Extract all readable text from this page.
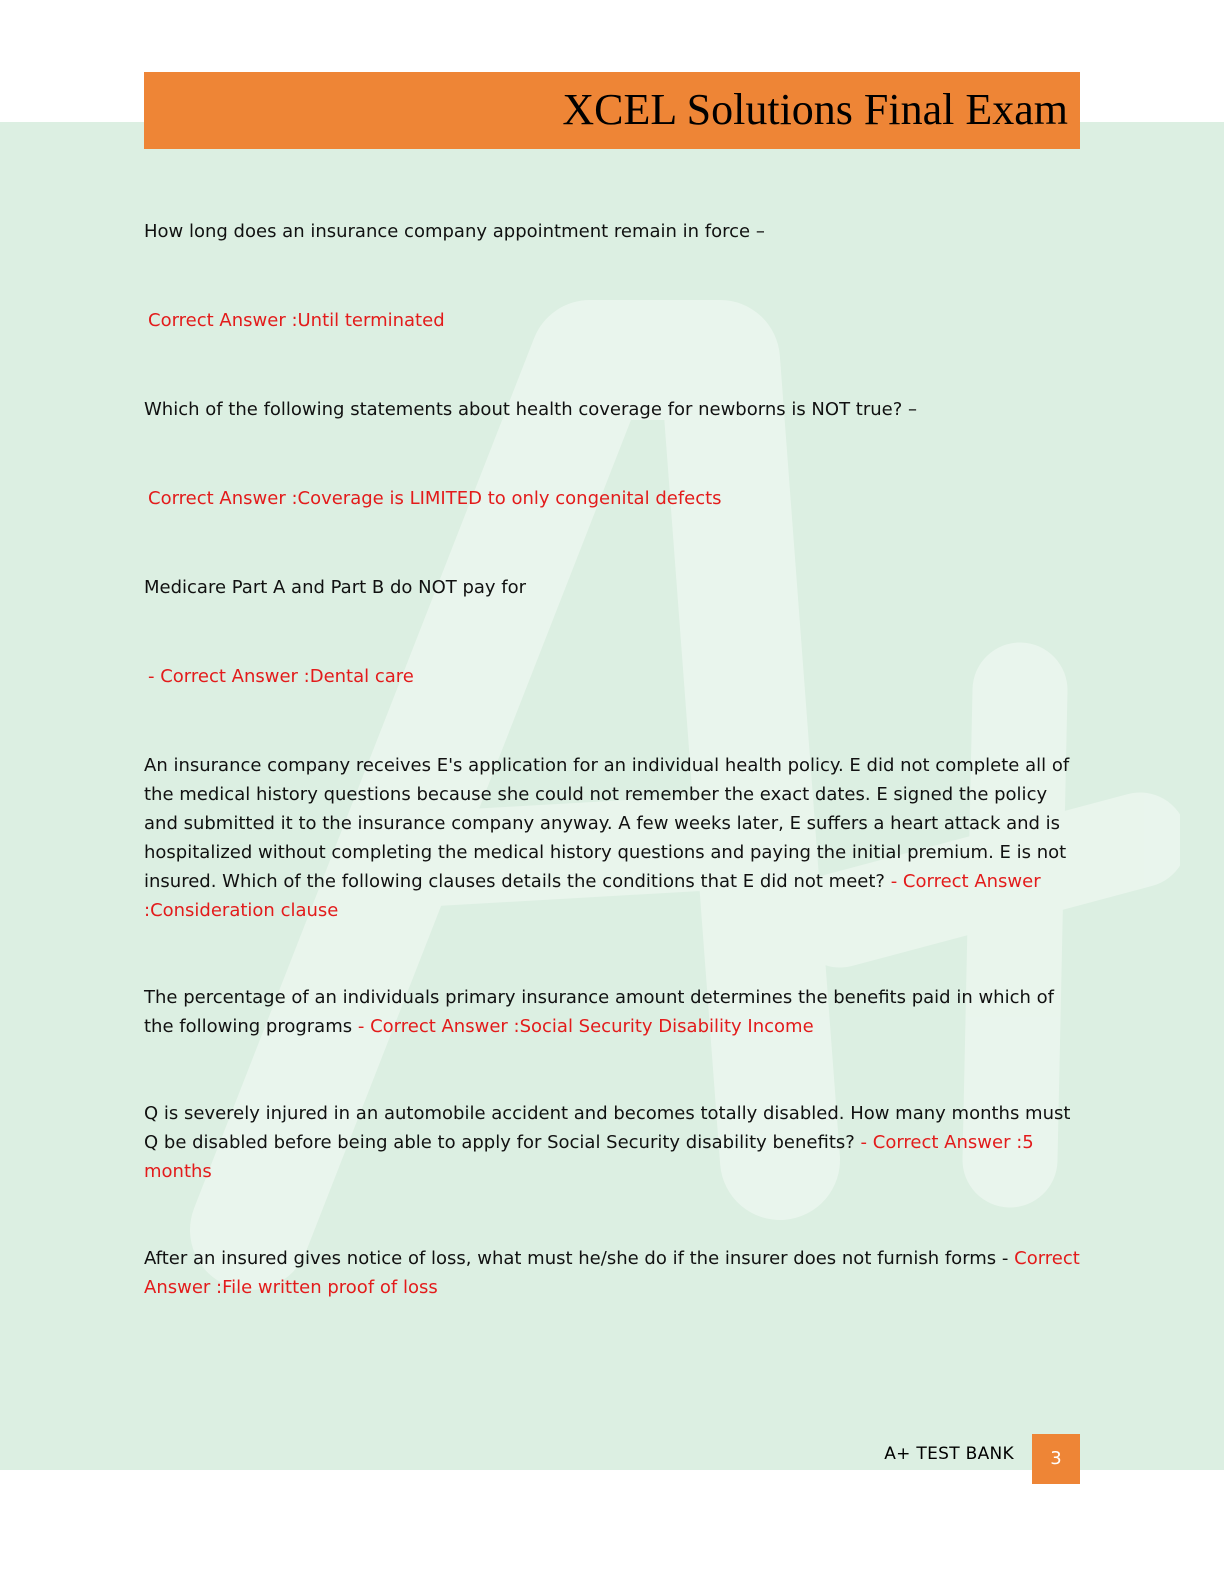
XCEL Solutions Final Exam

How long does an insurance company appointment remain in force –

Correct Answer :Until terminated

Which of the following statements about health coverage for newborns is NOT true? –

Correct Answer :Coverage is LIMITED to only congenital defects

Medicare Part A and Part B do NOT pay for

- Correct Answer :Dental care

An insurance company receives E's application for an individual health policy. E did not complete all of the medical history questions because she could not remember the exact dates. E signed the policy and submitted it to the insurance company anyway. A few weeks later, E suffers a heart attack and is hospitalized without completing the medical history questions and paying the initial premium. E is not insured. Which of the following clauses details the conditions that E did not meet? - Correct Answer :Consideration clause

The percentage of an individuals primary insurance amount determines the benefits paid in which of the following programs - Correct Answer :Social Security Disability Income

Q is severely injured in an automobile accident and becomes totally disabled. How many months must Q be disabled before being able to apply for Social Security disability benefits? - Correct Answer :5 months

After an insured gives notice of loss, what must he/she do if the insurer does not furnish forms - Correct Answer :File written proof of loss

A+ TEST BANK	3
